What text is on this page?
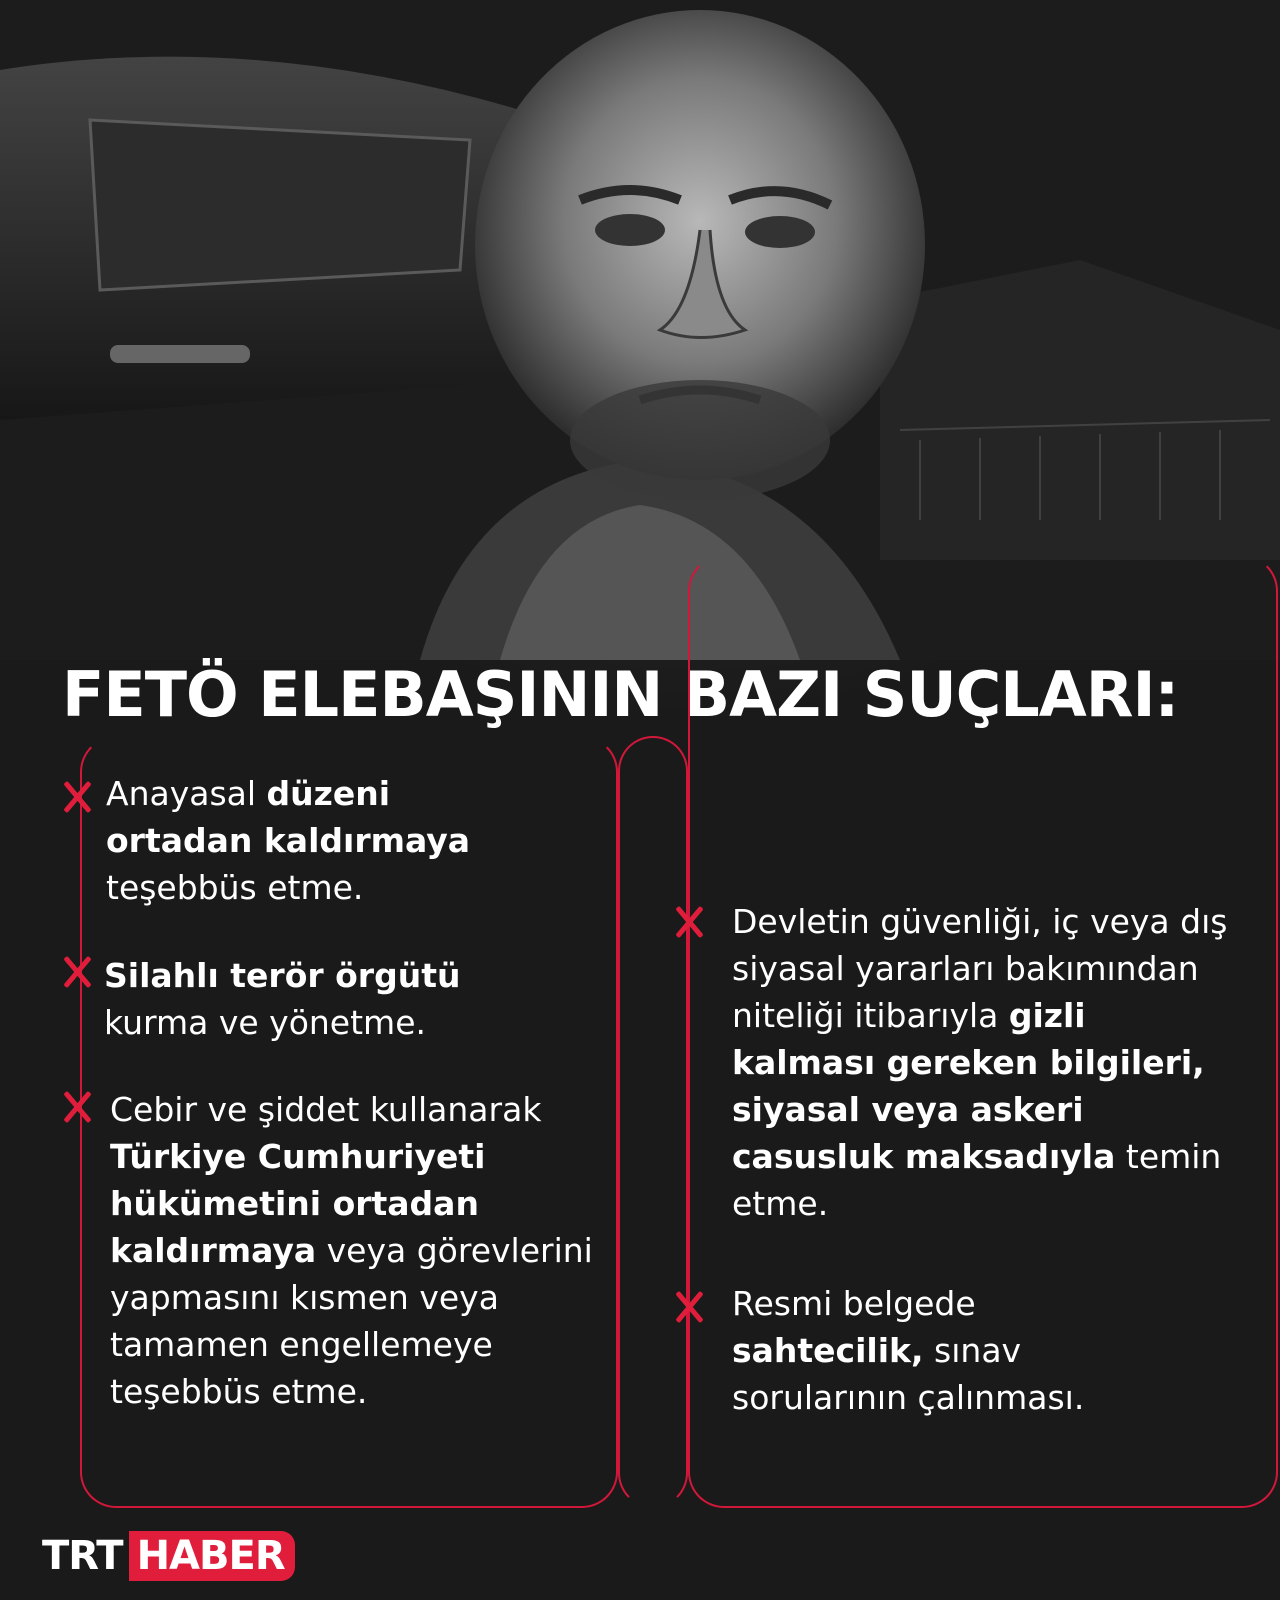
FETÖ ELEBAŞININ BAZI SUÇLARI:
Anayasal düzeni ortadan kaldırmaya teşebbüs etme.
Silahlı terör örgütü kurma ve yönetme.
Cebir ve şiddet kullanarak Türkiye Cumhuriyeti hükümetini ortadan kaldırmaya veya görevlerini yapmasını kısmen veya tamamen engellemeye teşebbüs etme.
Devletin güvenliği, iç veya dış siyasal yararları bakımından niteliği itibarıyla gizli kalması gereken bilgileri, siyasal veya askeri casusluk maksadıyla temin etme.
Resmi belgede sahtecilik, sınav sorularının çalınması.
TRT HABER
